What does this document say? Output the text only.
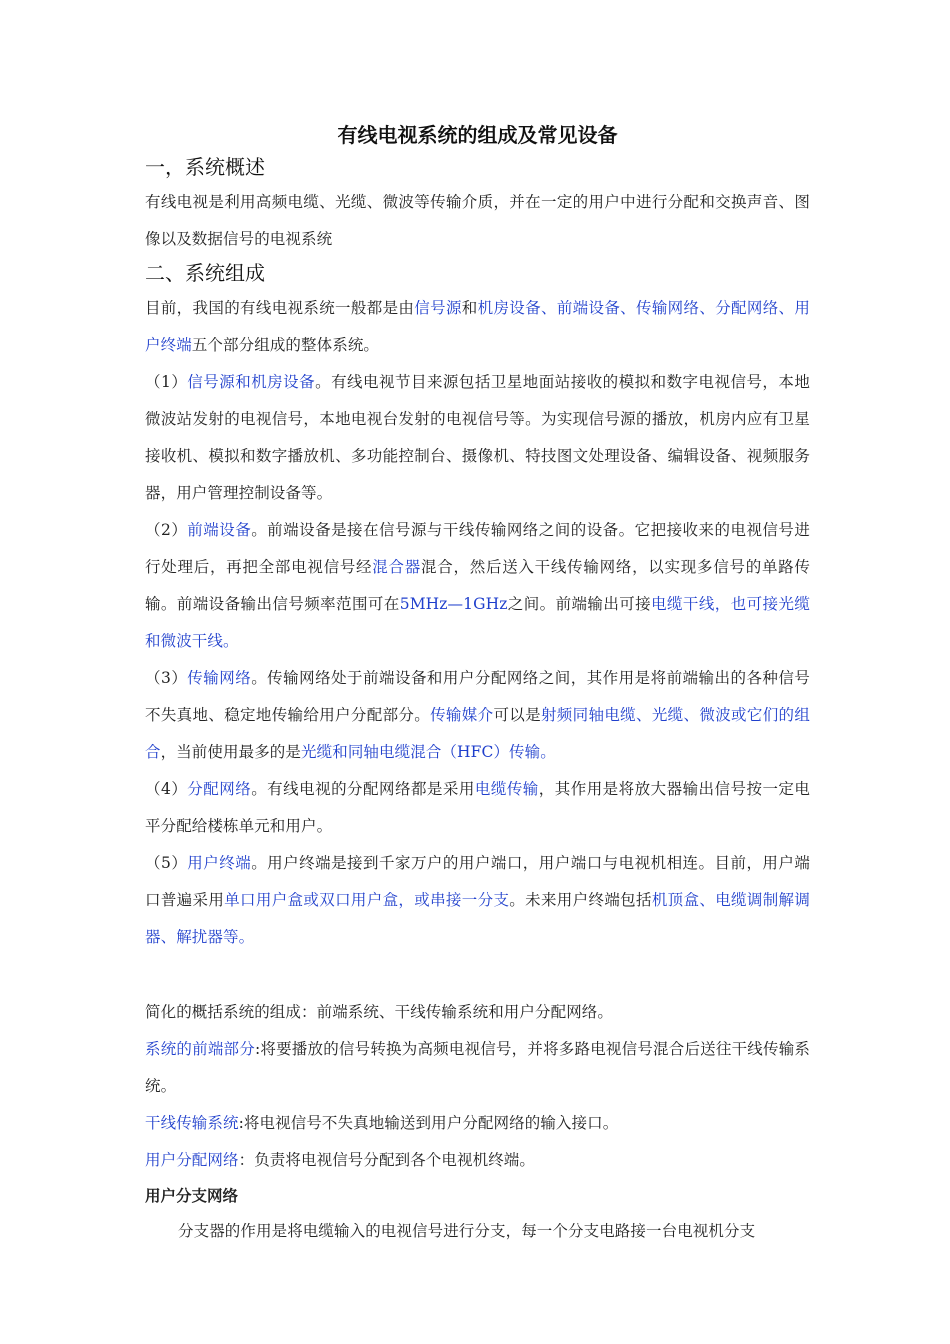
有线电视系统的组成及常见设备
一，系统概述

有线电视是利用高频电缆、光缆、微波等传输介质，并在一定的用户中进行分配和交换声音、图像以及数据信号的电视系统

二、系统组成

目前，我国的有线电视系统一般都是由信号源和机房设备、前端设备、传输网络、分配网络、用户终端五个部分组成的整体系统。

（1）信号源和机房设备。有线电视节目来源包括卫星地面站接收的模拟和数字电视信号，本地微波站发射的电视信号，本地电视台发射的电视信号等。为实现信号源的播放，机房内应有卫星接收机、模拟和数字播放机、多功能控制台、摄像机、特技图文处理设备、编辑设备、视频服务器，用户管理控制设备等。

（2）前端设备。前端设备是接在信号源与干线传输网络之间的设备。它把接收来的电视信号进行处理后，再把全部电视信号经混合器混合，然后送入干线传输网络，以实现多信号的单路传输。前端设备输出信号频率范围可在5MHz—1GHz之间。前端输出可接电缆干线，也可接光缆和微波干线。

（3）传输网络。传输网络处于前端设备和用户分配网络之间，其作用是将前端输出的各种信号不失真地、稳定地传输给用户分配部分。传输媒介可以是射频同轴电缆、光缆、微波或它们的组合，当前使用最多的是光缆和同轴电缆混合（HFC）传输。

（4）分配网络。有线电视的分配网络都是采用电缆传输，其作用是将放大器输出信号按一定电平分配给楼栋单元和用户。

（5）用户终端。用户终端是接到千家万户的用户端口，用户端口与电视机相连。目前，用户端口普遍采用单口用户盒或双口用户盒，或串接一分支。未来用户终端包括机顶盒、电缆调制解调器、解扰器等。

简化的概括系统的组成：前端系统、干线传输系统和用户分配网络。

系统的前端部分:将要播放的信号转换为高频电视信号，并将多路电视信号混合后送往干线传输系统。

干线传输系统:将电视信号不失真地输送到用户分配网络的输入接口。

用户分配网络：负责将电视信号分配到各个电视机终端。

用户分支网络

分支器的作用是将电缆输入的电视信号进行分支，每一个分支电路接一台电视机分支
